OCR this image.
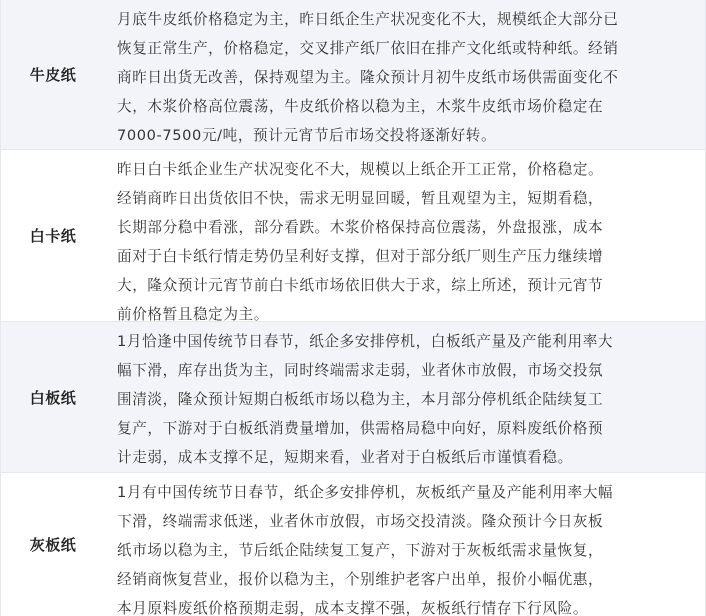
牛皮纸
月底牛皮纸价格稳定为主，昨日纸企生产状况变化不大，规模纸企大部分已
恢复正常生产，价格稳定，交叉排产纸厂依旧在排产文化纸或特种纸。经销
商昨日出货无改善，保持观望为主。隆众预计月初牛皮纸市场供需面变化不
大，木浆价格高位震荡，牛皮纸价格以稳为主，木浆牛皮纸市场价稳定在
7000-7500元/吨，预计元宵节后市场交投将逐渐好转。
白卡纸
昨日白卡纸企业生产状况变化不大，规模以上纸企开工正常，价格稳定。
经销商昨日出货依旧不快，需求无明显回暖，暂且观望为主，短期看稳，
长期部分稳中看涨，部分看跌。木浆价格保持高位震荡，外盘报涨，成本
面对于白卡纸行情走势仍呈利好支撑，但对于部分纸厂则生产压力继续增
大，隆众预计元宵节前白卡纸市场依旧供大于求，综上所述，预计元宵节
前价格暂且稳定为主。
白板纸
1月恰逢中国传统节日春节，纸企多安排停机，白板纸产量及产能利用率大
幅下滑，库存出货为主，同时终端需求走弱，业者休市放假，市场交投氛
围清淡，隆众预计短期白板纸市场以稳为主，本月部分停机纸企陆续复工
复产，下游对于白板纸消费量增加，供需格局稳中向好，原料废纸价格预
计走弱，成本支撑不足，短期来看，业者对于白板纸后市谨慎看稳。
灰板纸
1月有中国传统节日春节，纸企多安排停机，灰板纸产量及产能利用率大幅
下滑，终端需求低迷，业者休市放假，市场交投清淡。隆众预计今日灰板
纸市场以稳为主，节后纸企陆续复工复产，下游对于灰板纸需求量恢复，
经销商恢复营业，报价以稳为主，个别维护老客户出单，报价小幅优惠，
本月原料废纸价格预期走弱，成本支撑不强，灰板纸行情存下行风险。
